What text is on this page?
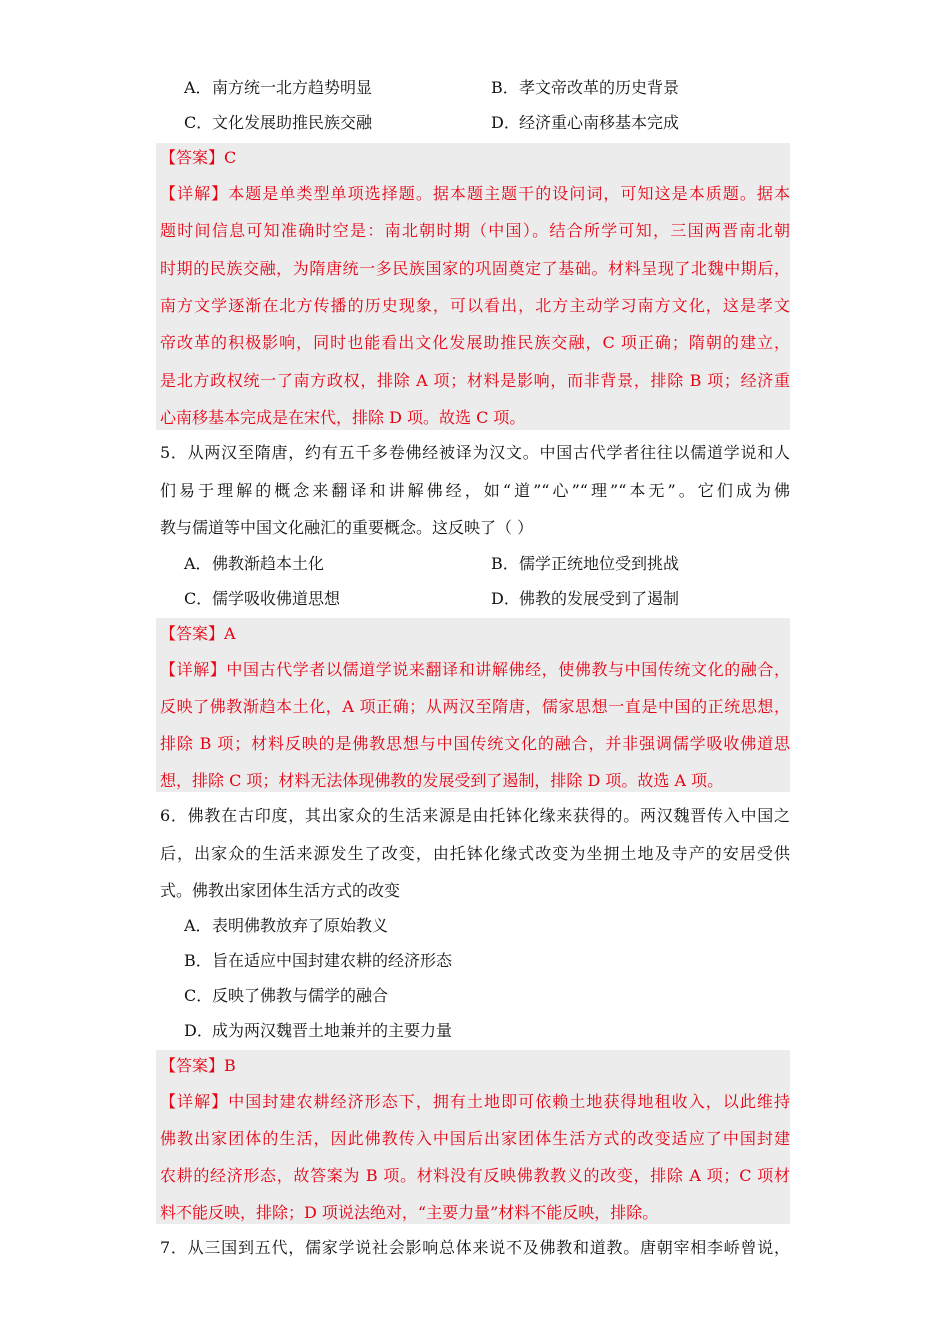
A．南方统一北方趋势明显	B．孝文帝改革的历史背景
C．文化发展助推民族交融	D．经济重心南移基本完成
【答案】C
【详解】本题是单类型单项选择题。据本题主题干的设问词，可知这是本质题。据本
题时间信息可知准确时空是：南北朝时期（中国）。结合所学可知，三国两晋南北朝
时期的民族交融，为隋唐统一多民族国家的巩固奠定了基础。材料呈现了北魏中期后，
南方文学逐渐在北方传播的历史现象，可以看出，北方主动学习南方文化，这是孝文
帝改革的积极影响，同时也能看出文化发展助推民族交融，C 项正确；隋朝的建立，
是北方政权统一了南方政权，排除 A 项；材料是影响，而非背景，排除 B 项；经济重
心南移基本完成是在宋代，排除 D 项。故选 C 项。
5．从两汉至隋唐，约有五千多卷佛经被译为汉文。中国古代学者往往以儒道学说和人
们易于理解的概念来翻译和讲解佛经，如“道”“心”“理”“本无”。它们成为佛
教与儒道等中国文化融汇的重要概念。这反映了（ ）
A．佛教渐趋本土化	B．儒学正统地位受到挑战
C．儒学吸收佛道思想	D．佛教的发展受到了遏制
【答案】A
【详解】中国古代学者以儒道学说来翻译和讲解佛经，使佛教与中国传统文化的融合，
反映了佛教渐趋本土化，A 项正确；从两汉至隋唐，儒家思想一直是中国的正统思想，
排除 B 项；材料反映的是佛教思想与中国传统文化的融合，并非强调儒学吸收佛道思
想，排除 C 项；材料无法体现佛教的发展受到了遏制，排除 D 项。故选 A 项。
6．佛教在古印度，其出家众的生活来源是由托钵化缘来获得的。两汉魏晋传入中国之
后，出家众的生活来源发生了改变，由托钵化缘式改变为坐拥土地及寺产的安居受供
式。佛教出家团体生活方式的改变
A．表明佛教放弃了原始教义
B．旨在适应中国封建农耕的经济形态
C．反映了佛教与儒学的融合
D．成为两汉魏晋土地兼并的主要力量
【答案】B
【详解】中国封建农耕经济形态下，拥有土地即可依赖土地获得地租收入，以此维持
佛教出家团体的生活，因此佛教传入中国后出家团体生活方式的改变适应了中国封建
农耕的经济形态，故答案为 B 项。材料没有反映佛教教义的改变，排除 A 项；C 项材
料不能反映，排除；D 项说法绝对，“主要力量”材料不能反映，排除。
7．从三国到五代，儒家学说社会影响总体来说不及佛教和道教。唐朝宰相李峤曾说，
